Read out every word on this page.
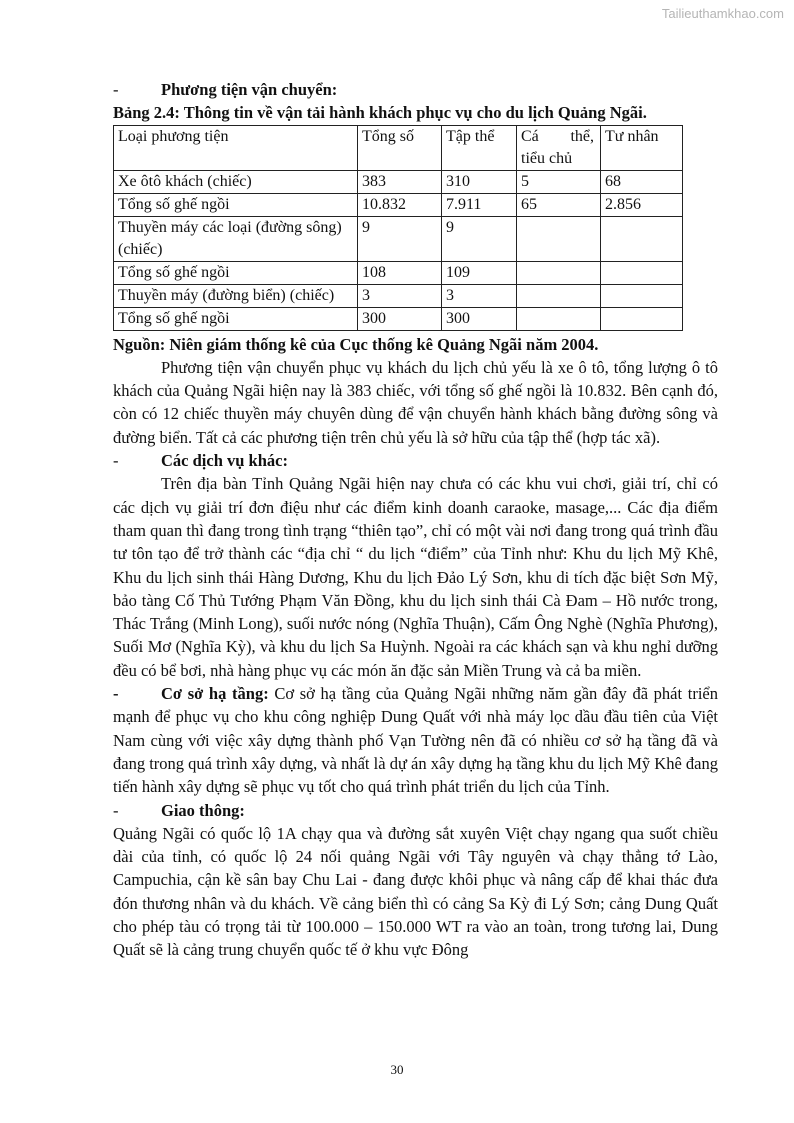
Tailieuthamkhao.com

-	Phương tiện vận chuyển:

Bảng 2.4: Thông tin về vận tải hành khách phục vụ cho du lịch Quảng Ngãi.

Loại phương tiện	Tổng số	Tập thể	Cá thể, tiểu chủ	Tư nhân
Xe ôtô khách (chiếc)	383	310	5	68
Tổng số ghế ngồi	10.832	7.911	65	2.856
Thuyền máy các loại (đường sông) (chiếc)	9	9		
Tổng số ghế ngồi	108	109		
Thuyền máy (đường biển) (chiếc)	3	3		
Tổng số ghế ngồi	300	300		

Nguồn: Niên giám thống kê của Cục thống kê Quảng Ngãi năm 2004.

Phương tiện vận chuyển phục vụ khách du lịch chủ yếu là xe ô tô, tổng lượng ô tô khách của Quảng Ngãi hiện nay là 383 chiếc, với tổng số ghế ngồi là 10.832. Bên cạnh đó, còn có 12 chiếc thuyền máy chuyên dùng để vận chuyển hành khách bằng đường sông và đường biển. Tất cả các phương tiện trên chủ yếu là sở hữu của tập thể (hợp tác xã).

-	Các dịch vụ khác:

Trên địa bàn Tỉnh Quảng Ngãi hiện nay chưa có các khu vui chơi, giải trí, chỉ có các dịch vụ giải trí đơn điệu như các điểm kinh doanh caraoke, masage,... Các địa điểm tham quan thì đang trong tình trạng “thiên tạo”, chỉ có một vài nơi đang trong quá trình đầu tư tôn tạo để trở thành các “địa chỉ “ du lịch “điểm” của Tỉnh như: Khu du lịch Mỹ Khê, Khu du lịch sinh thái Hàng Dương, Khu du lịch Đảo Lý Sơn, khu di tích đặc biệt Sơn Mỹ, bảo tàng Cố Thủ Tướng Phạm Văn Đồng, khu du lịch sinh thái Cà Đam – Hồ nước trong, Thác Trắng (Minh Long), suối nước nóng (Nghĩa Thuận), Cấm Ông Nghè (Nghĩa Phương), Suối Mơ (Nghĩa Kỳ), và khu du lịch Sa Huỳnh. Ngoài ra các khách sạn và khu nghỉ dưỡng đều có bể bơi, nhà hàng phục vụ các món ăn đặc sản Miền Trung và cả ba miền.

-	Cơ sở hạ tầng: Cơ sở hạ tầng của Quảng Ngãi những năm gần đây đã phát triển mạnh để phục vụ cho khu công nghiệp Dung Quất với nhà máy lọc dầu đầu tiên của Việt Nam cùng với việc xây dựng thành phố Vạn Tường nên đã có nhiều cơ sở hạ tầng đã và đang trong quá trình xây dựng, và nhất là dự án xây dựng hạ tầng khu du lịch Mỹ Khê đang tiến hành xây dựng sẽ phục vụ tốt cho quá trình phát triển du lịch của Tỉnh.

-	Giao thông:

Quảng Ngãi có quốc lộ 1A chạy qua và đường sắt xuyên Việt chạy ngang qua suốt chiều dài của tỉnh, có quốc lộ 24 nối quảng Ngãi với Tây nguyên và chạy thẳng tớ Lào, Campuchia, cận kề sân bay Chu Lai - đang được khôi phục và nâng cấp để khai thác đưa đón thương nhân và du khách. Về cảng biển thì có cảng Sa Kỳ đi Lý Sơn; cảng Dung Quất cho phép tàu có trọng tải từ 100.000 – 150.000 WT ra vào an toàn, trong tương lai, Dung Quất sẽ là cảng trung chuyển quốc tế ở khu vực Đông

30
